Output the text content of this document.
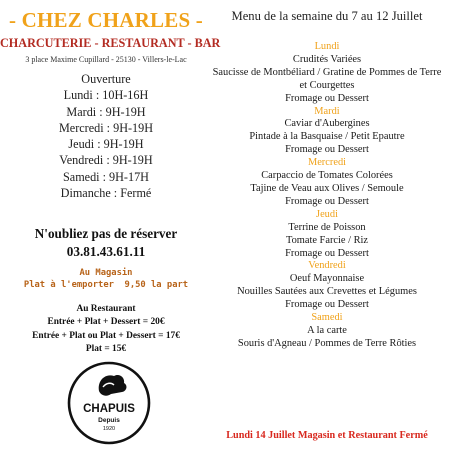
- CHEZ CHARLES -
CHARCUTERIE - RESTAURANT - BAR
3 place Maxime Cupillard - 25130 - Villers-le-Lac
Ouverture
Lundi : 10H-16H
Mardi : 9H-19H
Mercredi : 9H-19H
Jeudi : 9H-19H
Vendredi : 9H-19H
Samedi : 9H-17H
Dimanche : Fermé
N'oubliez pas de réserver
03.81.43.61.11
Au Magasin
Plat à l'emporter  9,50 la part
Au Restaurant
Entrée + Plat + Dessert = 20€
Entrée + Plat ou Plat + Dessert = 17€
Plat = 15€
CHAPUIS
Depuis
1920
Menu de la semaine du 7 au 12 Juillet
Lundi
Crudités Variées
Saucisse de Montbéliard / Gratine de Pommes de Terre et Courgettes
Fromage ou Dessert
Mardi
Caviar d'Aubergines
Pintade à la Basquaise / Petit Epautre
Fromage ou Dessert
Mercredi
Carpaccio de Tomates Colorées
Tajine de Veau aux Olives / Semoule
Fromage ou Dessert
Jeudi
Terrine de Poisson
Tomate Farcie / Riz
Fromage ou Dessert
Vendredi
Oeuf Mayonnaise
Nouilles Sautées aux Crevettes et Légumes
Fromage ou Dessert
Samedi
A la carte
Souris d'Agneau / Pommes de Terre Rôties
Lundi 14 Juillet Magasin et Restaurant Fermé
